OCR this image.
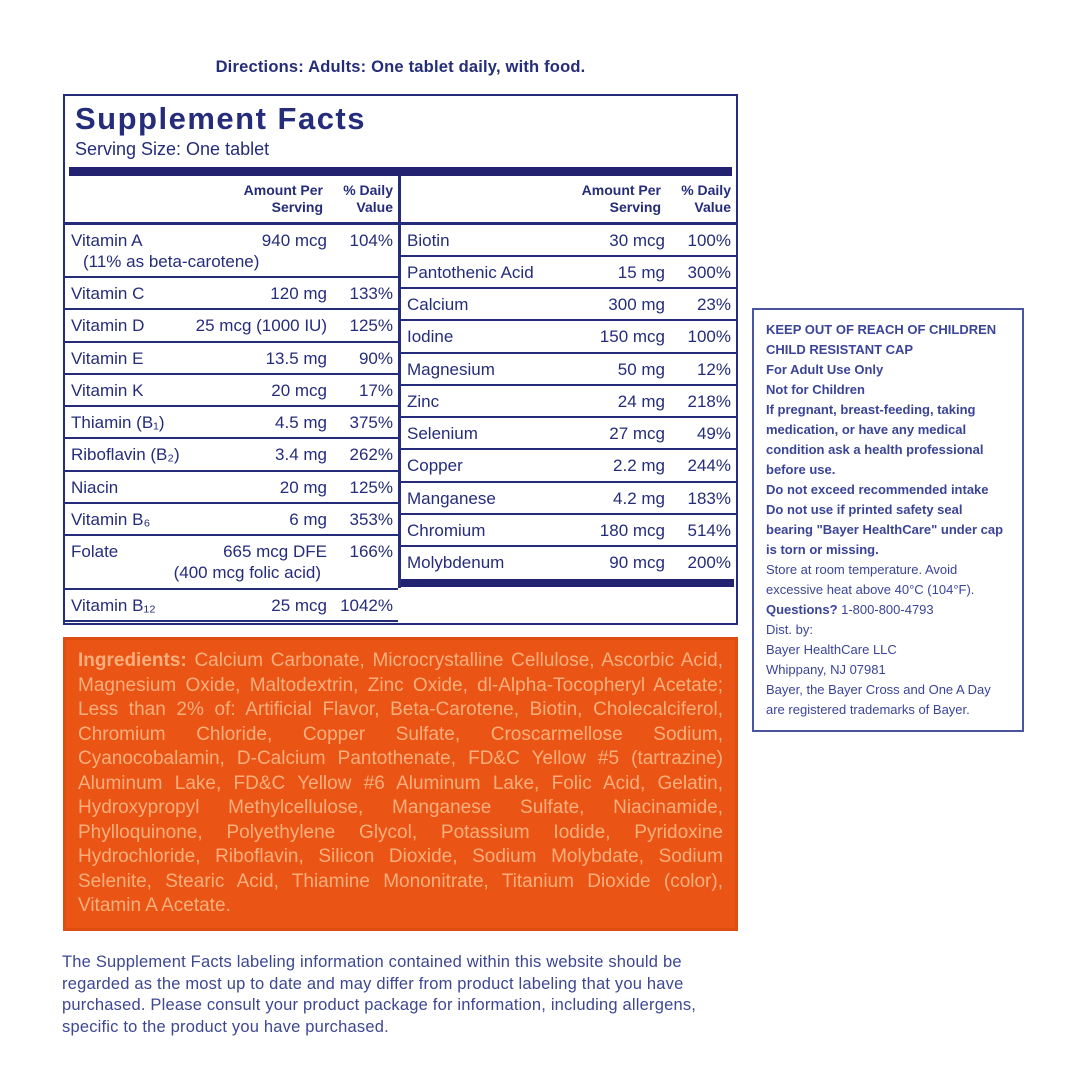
Directions: Adults: One tablet daily, with food.
Supplement Facts
Serving Size: One tablet
Amount Per Serving
% Daily Value
Vitamin A	940 mcg	104%
(11% as beta-carotene)
Vitamin C	120 mg	133%
Vitamin D	25 mcg (1000 IU)	125%
Vitamin E	13.5 mg	90%
Vitamin K	20 mcg	17%
Thiamin (B₁)	4.5 mg	375%
Riboflavin (B₂)	3.4 mg	262%
Niacin	20 mg	125%
Vitamin B₆	6 mg	353%
Folate	665 mcg DFE	166%
(400 mcg folic acid)
Vitamin B₁₂	25 mcg 1042%
Amount Per Serving
% Daily Value
Biotin	30 mcg	100%
Pantothenic Acid	15 mg	300%
Calcium	300 mg	23%
Iodine	150 mcg	100%
Magnesium	50 mg	12%
Zinc	24 mg	218%
Selenium	27 mcg	49%
Copper	2.2 mg	244%
Manganese	4.2 mg	183%
Chromium	180 mcg	514%
Molybdenum	90 mcg	200%
KEEP OUT OF REACH OF CHILDREN
CHILD RESISTANT CAP
For Adult Use Only
Not for Children
If pregnant, breast-feeding, taking medication, or have any medical condition ask a health professional before use.
Do not exceed recommended intake
Do not use if printed safety seal bearing "Bayer HealthCare" under cap is torn or missing.
Store at room temperature. Avoid excessive heat above 40°C (104°F).
Questions? 1-800-800-4793
Dist. by:
Bayer HealthCare LLC
Whippany, NJ 07981
Bayer, the Bayer Cross and One A Day are registered trademarks of Bayer.
Ingredients: Calcium Carbonate, Microcrystalline Cellulose, Ascorbic Acid, Magnesium Oxide, Maltodextrin, Zinc Oxide, dl-Alpha-Tocopheryl Acetate; Less than 2% of: Artificial Flavor, Beta-Carotene, Biotin, Cholecalciferol, Chromium Chloride, Copper Sulfate, Croscarmellose Sodium, Cyanocobalamin, D-Calcium Pantothenate, FD&C Yellow #5 (tartrazine) Aluminum Lake, FD&C Yellow #6 Aluminum Lake, Folic Acid, Gelatin, Hydroxypropyl Methylcellulose, Manganese Sulfate, Niacinamide, Phylloquinone, Polyethylene Glycol, Potassium Iodide, Pyridoxine Hydrochloride, Riboflavin, Silicon Dioxide, Sodium Molybdate, Sodium Selenite, Stearic Acid, Thiamine Mononitrate, Titanium Dioxide (color), Vitamin A Acetate.
The Supplement Facts labeling information contained within this website should be regarded as the most up to date and may differ from product labeling that you have purchased. Please consult your product package for information, including allergens, specific to the product you have purchased.
